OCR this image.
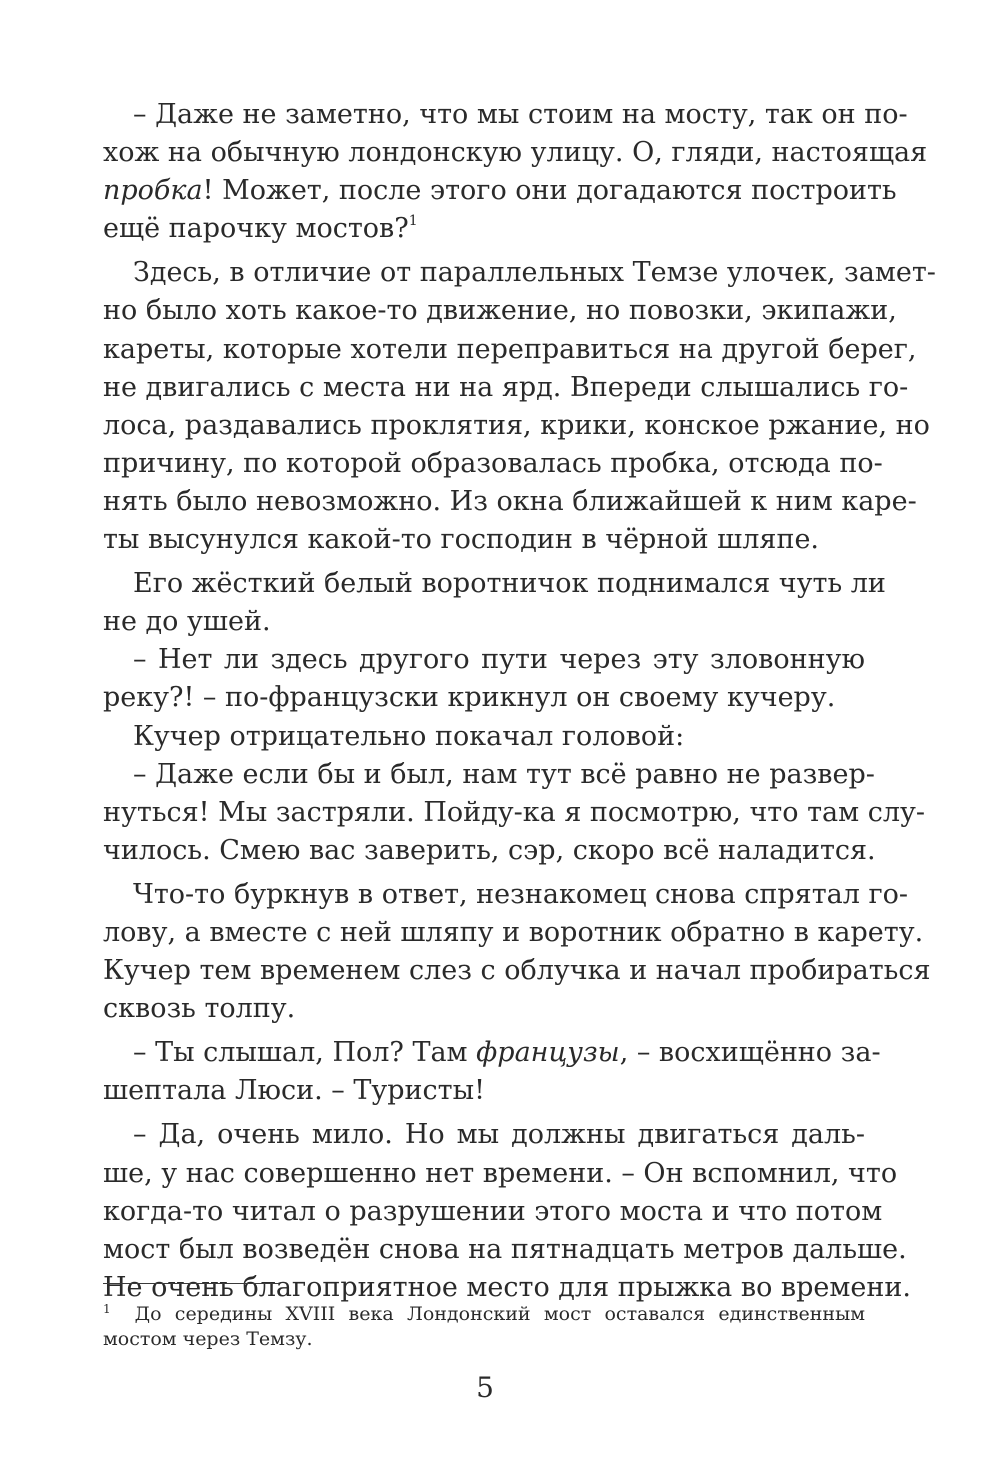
– Даже не заметно, что мы стоим на мосту, так он по-
хож на обычную лондонскую улицу. О, гляди, настоящая
пробка! Может, после этого они догадаются построить
ещё парочку мостов?$^1$
Здесь, в отличие от параллельных Темзе улочек, замет-
но было хоть какое-то движение, но повозки, экипажи,
кареты, которые хотели переправиться на другой берег,
не двигались с места ни на ярд. Впереди слышались го-
лоса, раздавались проклятия, крики, конское ржание, но
причину, по которой образовалась пробка, отсюда по-
нять было невозможно. Из окна ближайшей к ним каре-
ты высунулся какой-то господин в чёрной шляпе.
Его жёсткий белый воротничок поднимался чуть ли
не до ушей.
– Нет ли здесь другого пути через эту зловонную
реку?! – по-французски крикнул он своему кучеру.
Кучер отрицательно покачал головой:
– Даже если бы и был, нам тут всё равно не развер-
нуться! Мы застряли. Пойду-ка я посмотрю, что там слу-
чилось. Смею вас заверить, сэр, скоро всё наладится.
Что-то буркнув в ответ, незнакомец снова спрятал го-
лову, а вместе с ней шляпу и воротник обратно в карету.
Кучер тем временем слез с облучка и начал пробираться
сквозь толпу.
– Ты слышал, Пол? Там французы, – восхищённо за-
шептала Люси. – Туристы!
– Да, очень мило. Но мы должны двигаться даль-
ше, у нас совершенно нет времени. – Он вспомнил, что
когда-то читал о разрушении этого моста и что потом
мост был возведён снова на пятнадцать метров дальше.
Не очень благоприятное место для прыжка во времени.
$^1$ До середины XVIII века Лондонский мост оставался единственным
мостом через Темзу.
5
